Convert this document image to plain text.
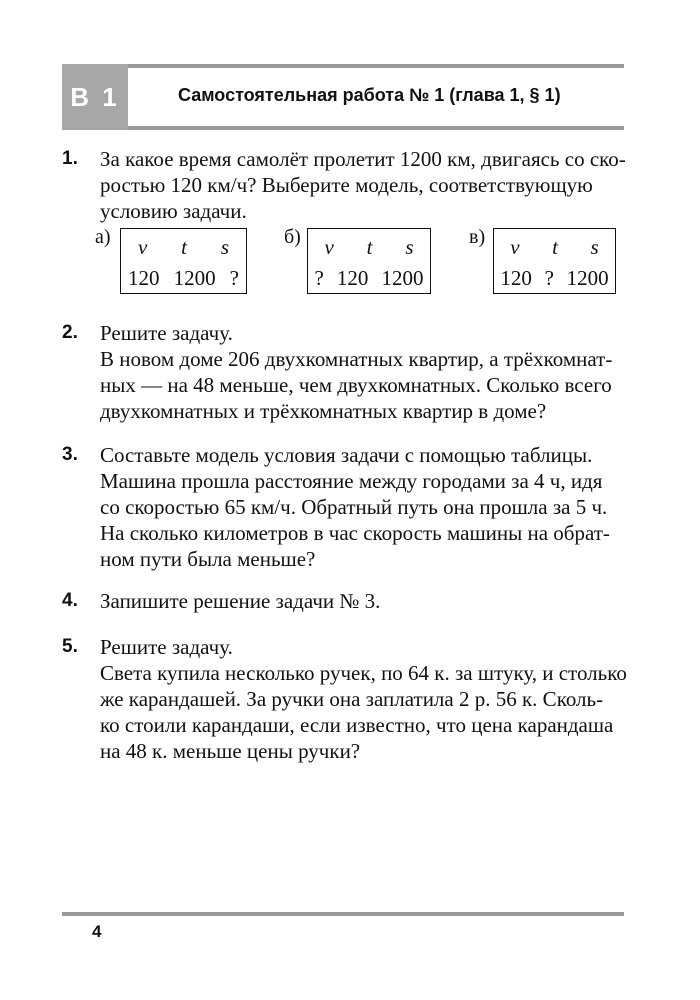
B 1	Самостоятельная работа № 1 (глава 1, § 1)
1. За какое время самолёт пролетит 1200 км, двигаясь со ско-
ростью 120 км/ч? Выберите модель, соответствующую
условию задачи.
а) v t s
120 1200 ?
б) v t s
? 120 1200
в) v t s
120 ? 1200
2. Решите задачу.
В новом доме 206 двухкомнатных квартир, а трёхкомнат-
ных — на 48 меньше, чем двухкомнатных. Сколько всего
двухкомнатных и трёхкомнатных квартир в доме?
3. Составьте модель условия задачи с помощью таблицы.
Машина прошла расстояние между городами за 4 ч, идя
со скоростью 65 км/ч. Обратный путь она прошла за 5 ч.
На сколько километров в час скорость машины на обрат-
ном пути была меньше?
4. Запишите решение задачи № 3.
5. Решите задачу.
Света купила несколько ручек, по 64 к. за штуку, и столько
же карандашей. За ручки она заплатила 2 р. 56 к. Сколь-
ко стоили карандаши, если известно, что цена карандаша
на 48 к. меньше цены ручки?
4
